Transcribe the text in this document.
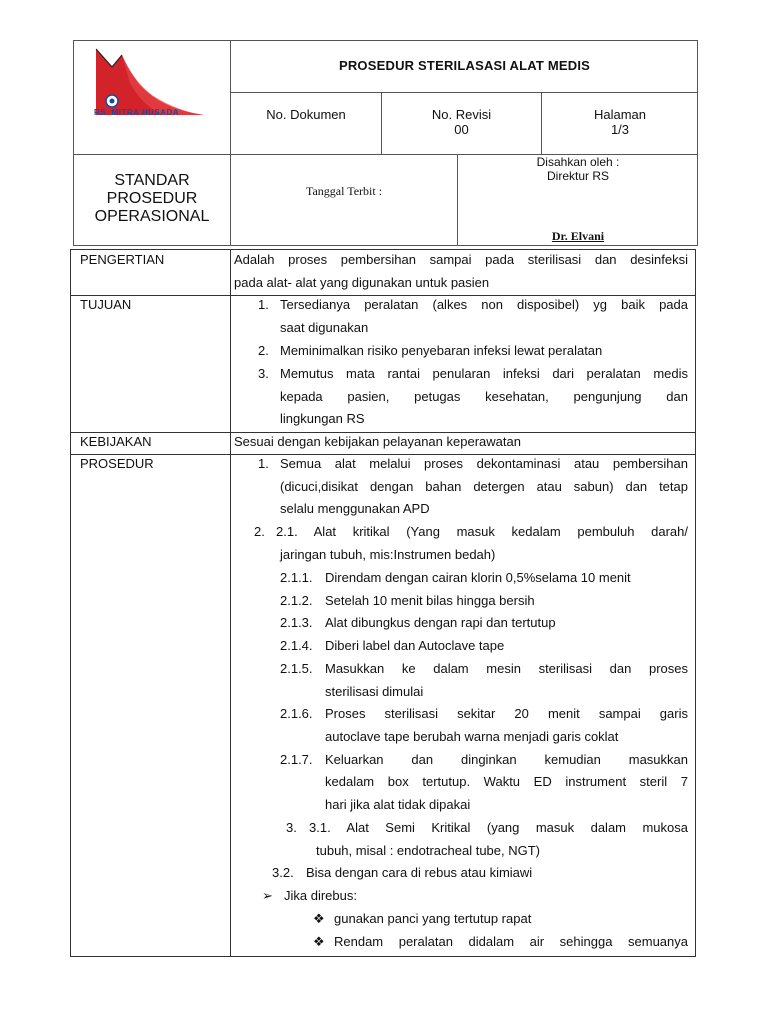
RS. MITRA HUSADA
PROSEDUR STERILASASI ALAT MEDIS
No. Dokumen	No. Revisi
00
Halaman
1/3
STANDAR
PROSEDUR
OPERASIONAL
Tanggal Terbit :
Disahkan oleh :
Direktur RS
Dr. Elvani
PENGERTIAN
TUJUAN
KEBIJAKAN
PROSEDUR
Adalah proses pembersihan sampai pada sterilisasi dan desinfeksi
pada alat- alat yang digunakan untuk pasien
1. Tersedianya peralatan (alkes non disposibel) yg baik pada
saat digunakan
2. Meminimalkan risiko penyebaran infeksi lewat peralatan
3. Memutus mata rantai penularan infeksi dari peralatan medis
kepada pasien, petugas kesehatan, pengunjung dan
lingkungan RS
Sesuai dengan kebijakan pelayanan keperawatan
1. Semua alat melalui proses dekontaminasi atau pembersihan
(dicuci,disikat dengan bahan detergen atau sabun) dan tetap
selalu menggunakan APD
2. 2.1. Alat kritikal (Yang masuk kedalam pembuluh darah/
jaringan tubuh, mis:Instrumen bedah)
2.1.1. Direndam dengan cairan klorin 0,5%selama 10 menit
2.1.2. Setelah 10 menit bilas hingga bersih
2.1.3. Alat dibungkus dengan rapi dan tertutup
2.1.4. Diberi label dan Autoclave tape
2.1.5. Masukkan ke dalam mesin sterilisasi dan proses
sterilisasi dimulai
2.1.6. Proses sterilisasi sekitar 20 menit sampai garis
autoclave tape berubah warna menjadi garis coklat
2.1.7. Keluarkan dan dinginkan kemudian masukkan
kedalam box tertutup. Waktu ED instrument steril 7
hari jika alat tidak dipakai
3. 3.1. Alat Semi Kritikal (yang masuk dalam mukosa
tubuh, misal : endotracheal tube, NGT)
3.2. Bisa dengan cara di rebus atau kimiawi
➢ Jika direbus:
❖ gunakan panci yang tertutup rapat
❖ Rendam peralatan didalam air sehingga semuanya
